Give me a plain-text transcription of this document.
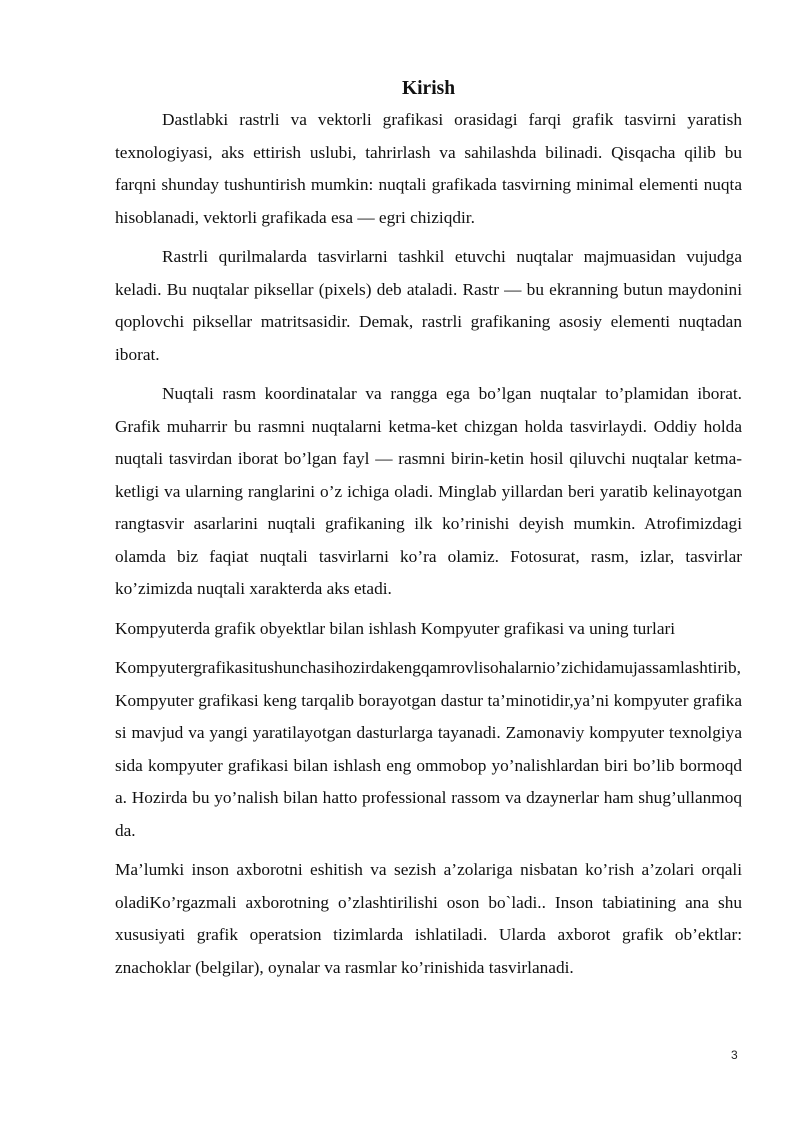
Kirish

Dastlabki rastrli va vektorli grafikasi orasidagi farqi grafik tasvirni yaratish texnologiyasi, aks ettirish uslubi, tahrirlash va sahilashda bilinadi. Qisqacha qilib bu farqni shunday tushuntirish mumkin: nuqtali grafikada tasvirning minimal elementi nuqta hisoblanadi, vektorli grafikada esa — egri chiziqdir.

Rastrli qurilmalarda tasvirlarni tashkil etuvchi nuqtalar majmuasidan vujudga keladi. Bu nuqtalar piksellar (pixels) deb ataladi. Rastr — bu ekranning butun maydonini qoplovchi piksellar matritsasidir. Demak, rastrli grafikaning asosiy elementi nuqtadan iborat.

Nuqtali rasm koordinatalar va rangga ega bo’lgan nuqtalar to’plamidan iborat. Grafik muharrir bu rasmni nuqtalarni ketma-ket chizgan holda tasvirlaydi. Oddiy holda nuqtali tasvirdan iborat bo’lgan fayl — rasmni birin-ketin hosil qiluvchi nuqtalar ketma-ketligi va ularning ranglarini o’z ichiga oladi. Minglab yillardan beri yaratib kelinayotgan rangtasvir asarlarini nuqtali grafikaning ilk ko’rinishi deyish mumkin. Atrofimizdagi olamda biz faqiat nuqtali tasvirlarni ko’ra olamiz. Fotosurat, rasm, izlar, tasvirlar ko’zimizda nuqtali xarakterda aks etadi.

Kompyuterda grafik obyektlar bilan ishlash Kompyuter grafikasi va uning turlari

Kompyutergrafikasitushunchasihozirdakengqamrovlisohalarnio’zichidamujassamlashtirib, Kompyuter grafikasi keng tarqalib borayotgan dastur ta’minotidir,ya’ni kompyuter grafikasi mavjud va yangi yaratilayotgan dasturlarga tayanadi. Zamonaviy kompyuter texnolgiyasida kompyuter grafikasi bilan ishlash eng ommobop yo’nalishlardan biri bo’lib bormoqda. Hozirda bu yo’nalish bilan hatto professional rassom va dzaynerlar ham shug’ullanmoqda.

Ma’lumki inson axborotni eshitish va sezish a’zolariga nisbatan ko’rish a’zolari orqali oladiKo’rgazmali axborotning o’zlashtirilishi oson bo`ladi.. Inson tabiatining ana shu xususiyati grafik operatsion tizimlarda ishlatiladi. Ularda axborot grafik ob’ektlar: znachoklar (belgilar), oynalar va rasmlar ko’rinishida tasvirlanadi.

3
